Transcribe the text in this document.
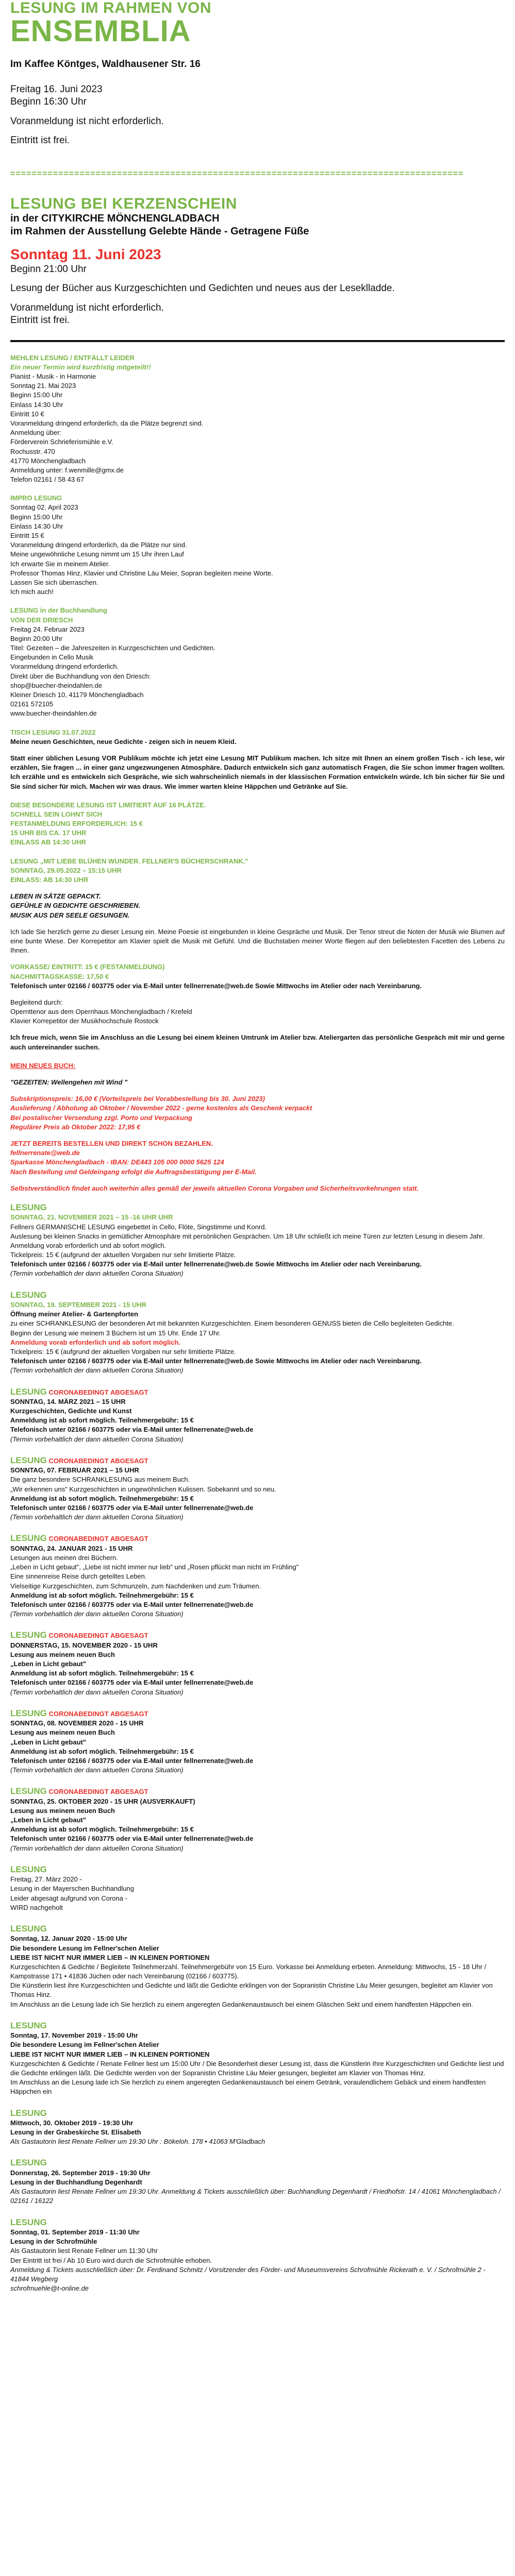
LESUNG IM RAHMEN VON

ENSEMBLIA

Im Kaffee Köntges, Waldhausener Str. 16

Freitag 16. Juni 2023

Beginn 16:30 Uhr

Voranmeldung ist nicht erforderlich.

Eintritt ist frei.

=====================================================================================

LESUNG BEI KERZENSCHEIN

in der CITYKIRCHE MÖNCHENGLADBACH

im Rahmen der Ausstellung Gelebte Hände - Getragene Füße

Sonntag 11. Juni 2023

Beginn 21:00 Uhr

Lesung der Bücher aus Kurzgeschichten und Gedichten und neues aus der Leseklladde.

Voranmeldung ist nicht erforderlich.

Eintritt ist frei.

MEHLEN LESUNG / ENTFÄLLT LEIDER

Ein neuer Termin wird kurzfristig mitgeteilt!!

Pianist - Musik - in Harmonie

Sonntag 21. Mai 2023

Beginn 15:00 Uhr

Einlass 14:30 Uhr

Eintritt 10 €

Voranmeldung dringend erforderlich, da die Plätze begrenzt sind.

Anmeldung über:

Förderverein Schrieferismühle e.V.

Rochusstr. 470

41770 Mönchengladbach

Anmeldung unter: f.wenmille@gmx.de

Telefon 02161 / 58 43 67

IMPRO LESUNG

Sonntag 02. April 2023

Beginn 15:00 Uhr

Einlass 14:30 Uhr

Eintritt 15 €

Voranmeldung dringend erforderlich, da die Plätze nur sind.

Meine ungewöhnliche Lesung nimmt um 15 Uhr ihren Lauf

Ich erwarte Sie in meinem Atelier.

Professor Thomas Hinz, Klavier und Christine Läu Meier, Sopran begleiten meine Worte.

Lassen Sie sich überraschen.

Ich mich auch!

LESUNG in der Buchhandlung

VON DER DRIESCH

Freitag 24. Februar 2023

Beginn 20:00 Uhr

Titel: Gezeiten – die Jahreszeiten in Kurzgeschichten und Gedichten.

Eingebunden in Cello Musik

Voranmeldung dringend erforderlich.

Direkt über die Buchhandlung von den Driesch:

shop@buecher-theindahlen.de

Kleiner Driesch 10, 41179 Mönchengladbach

02161 572105

www.buecher-theindahlen.de

TISCH LESUNG 31.07.2022

Meine neuen Geschichten, neue Gedichte - zeigen sich in neuem Kleid.

Statt einer üblichen Lesung VOR Publikum möchte ich jetzt eine Lesung MIT Publikum machen. Ich sitze mit Ihnen an einem großen Tisch - ich lese, wir erzählen, Sie fragen ... in einer ganz ungezwungenen Atmosphäre. Dadurch entwickeln sich ganz automatisch Fragen, die Sie schon immer fragen wollten. Ich erzähle und es entwickeln sich Gespräche, wie sich wahrscheinlich niemals in der klassischen Formation entwickeln würde. Ich bin sicher für Sie und Sie sind sicher für mich. Machen wir was draus. Wie immer warten kleine Häppchen und Getränke auf Sie.

DIESE BESONDERE LESUNG IST LIMITIERT AUF 16 PLÄTZE.

SCHNELL SEIN LOHNT SICH

FESTANMELDUNG ERFORDERLICH: 15 €

15 UHR BIS CA. 17 UHR

EINLASS AB 14:30 UHR

LESUNG „MIT LIEBE BLÜHEN WUNDER. FELLNER'S BÜCHERSCHRANK."

SONNTAG, 29.05.2022 – 15:15 UHR

EINLASS: AB 14:30 UHR

LEBEN IN SÄTZE GEPACKT.

GEFÜHLE IN GEDICHTE GESCHRIEBEN.

MUSIK AUS DER SEELE GESUNGEN.

Ich lade Sie herzlich gerne zu dieser Lesung ein. Meine Poesie ist eingebunden in kleine Gespräche und Musik. Der Tenor streut die Noten der Musik wie Blumen auf eine bunte Wiese. Der Korrepetitor am Klavier spielt die Musik mit Gefühl. Und die Buchstaben meiner Worte fliegen auf den beliebtesten Facetten des Lebens zu Ihnen.

VORKASSE/ EINTRITT: 15 € (FESTANMELDUNG)

NACHMITTAGSKASSE: 17,50 €

Telefonisch unter 02166 / 603775 oder via E-Mail unter fellnerrenate@web.de Sowie Mittwochs im Atelier oder nach Vereinbarung.

Begleitend durch:

Opernttenor aus dem Opernhaus Mönchengladbach / Krefeld

Klavier Korrepetitor der Musikhochschule Rostock

Ich freue mich, wenn Sie im Anschluss an die Lesung bei einem kleinen Umtrunk im Atelier bzw. Ateliergarten das persönliche Gespräch mit mir und gerne auch untereinander suchen.

MEIN NEUES BUCH:

"GEZEITEN: Wellengehen mit Wind "

Subskriptionspreis: 16,00 € (Vorteilspreis bei Vorabbestellung bis 30. Juni 2023)

Auslieferung / Abholung ab Oktober / November 2022 - gerne kostenlos als Geschenk verpackt

Bei postalischer Versendung zzgl. Porto und Verpackung

Regulärer Preis ab Oktober 2022: 17,95 €

JETZT BEREITS BESTELLEN UND DIREKT SCHON BEZAHLEN.

fellnerrenate@web.de

Sparkasse Mönchengladbach - IBAN: DE443 105 000 0000 5625 124

Nach Bestellung und Geldeingang erfolgt die Auftragsbestätigung per E-Mail.

Selbstverständlich findet auch weiterhin alles gemäß der jeweils aktuellen Corona Vorgaben und Sicherheitsvorkehrungen statt.

LESUNG

SONNTAG, 21. NOVEMBER 2021 – 15 -16 UHR UHR

Fellners GERMANISCHE LESUNG eingebettet in Cello, Flöte, Singstimme und Konrd.

Auslesung bei kleinen Snacks in gemütlicher Atmosphäre mit persönlichen Gesprächen. Um 18 Uhr schließt ich meine Türen zur letzten Lesung in diesem Jahr. Anmeldung vorab erforderlich und ab sofort möglich.

Tickelpreis: 15 € (aufgrund der aktuellen Vorgaben nur sehr limitierte Plätze.

Telefonisch unter 02166 / 603775 oder via E-Mail unter fellnerrenate@web.de Sowie Mittwochs im Atelier oder nach Vereinbarung.

(Termin vorbehaltlich der dann aktuellen Corona Situation)

LESUNG

SONNTAG, 19. SEPTEMBER 2021 - 15 UHR

Öffnung meiner Atelier- & Gartenpforten

zu einer SCHRANKLESUNG der besonderen Art mit bekannten Kurzgeschichten. Einem besonderen GENUSS bieten die Cello begleiteten Gedichte.

Beginn der Lesung wie meinem 3 Büchern ist um 15 Uhr. Ende 17 Uhr.

Anmeldung vorab erforderlich und ab sofort möglich.

Tickelpreis: 15 € (aufgrund der aktuellen Vorgaben nur sehr limitierte Plätze.

Telefonisch unter 02166 / 603775 oder via E-Mail unter fellnerrenate@web.de Sowie Mittwochs im Atelier oder nach Vereinbarung.

(Termin vorbehaltlich der dann aktuellen Corona Situation)

LESUNG CORONABEDINGT ABGESAGT

SONNTAG, 14. MÄRZ 2021 – 15 UHR

Kurzgeschichten, Gedichte und Kunst

Anmeldung ist ab sofort möglich. Teilnehmergebühr: 15 €

Telefonisch unter 02166 / 603775 oder via E-Mail unter fellnerrenate@web.de

(Termin vorbehaltlich der dann aktuellen Corona Situation)

LESUNG CORONABEDINGT ABGESAGT

SONNTAG, 07. FEBRUAR 2021 – 15 UHR

Die ganz besondere SCHRANKLESUNG aus meinem Buch.

„Wir erkennen uns" Kurzgeschichten in ungewöhnlichen Kulissen. Sobekannt und so neu.

Anmeldung ist ab sofort möglich. Teilnehmergebühr: 15 €

Telefonisch unter 02166 / 603775 oder via E-Mail unter fellnerrenate@web.de

(Termin vorbehaltlich der dann aktuellen Corona Situation)

LESUNG CORONABEDINGT ABGESAGT

SONNTAG, 24. JANUAR 2021 - 15 UHR

Lesungen aus meinen drei Büchern.

„Leben in Licht gebaut", „Liebe ist nicht immer nur lieb" und „Rosen pflückt man nicht im Frühling"

Eine sinnenreise Reise durch geteiltes Leben.

Vielseitige Kurzgeschichten, zum Schmunzeln, zum Nachdenken und zum Träumen.

Anmeldung ist ab sofort möglich. Teilnehmergebühr: 15 €

Telefonisch unter 02166 / 603775 oder via E-Mail unter fellnerrenate@web.de

(Termin vorbehaltlich der dann aktuellen Corona Situation)

LESUNG CORONABEDINGT ABGESAGT

DONNERSTAG, 15. NOVEMBER 2020 - 15 UHR

Lesung aus meinem neuen Buch

„Leben in Licht gebaut"

Anmeldung ist ab sofort möglich. Teilnehmergebühr: 15 €

Telefonisch unter 02166 / 603775 oder via E-Mail unter fellnerrenate@web.de

(Termin vorbehaltlich der dann aktuellen Corona Situation)

LESUNG CORONABEDINGT ABGESAGT

SONNTAG, 08. NOVEMBER 2020 - 15 UHR

Lesung aus meinem neuen Buch

„Leben in Licht gebaut"

Anmeldung ist ab sofort möglich. Teilnehmergebühr: 15 €

Telefonisch unter 02166 / 603775 oder via E-Mail unter fellnerrenate@web.de

(Termin vorbehaltlich der dann aktuellen Corona Situation)

LESUNG CORONABEDINGT ABGESAGT

SONNTAG, 25. OKTOBER 2020 - 15 UHR (AUSVERKAUFT)

Lesung aus meinem neuen Buch

„Leben in Licht gebaut"

Anmeldung ist ab sofort möglich. Teilnehmergebühr: 15 €

Telefonisch unter 02166 / 603775 oder via E-Mail unter fellnerrenate@web.de

(Termin vorbehaltlich der dann aktuellen Corona Situation)

LESUNG

Freitag, 27. März 2020 -

Lesung in der Mayerschen Buchhandlung

Leider abgesagt aufgrund von Corona -

WIRD nachgeholt

LESUNG

Sonntag, 12. Januar 2020 - 15:00 Uhr

Die besondere Lesung im Fellner'schen Atelier

LIEBE IST NICHT NUR IMMER LIEB – IN KLEINEN PORTIONEN

Kurzgeschichten & Gedichte / Begleitete Teilnehmerzahl. Teilnehmergebühr von 15 Euro. Vorkasse bei Anmeldung erbeten. Anmeldung: Mittwochs, 15 - 18 Uhr / Kampstrasse 171 • 41836 Jüchen oder nach Vereinbarung (02166 / 603775).

Die Künstlerin liest ihre Kurzgeschichten und Gedichte und läßt die Gedichte erklingen von der Sopranistin Christine Läu Meier gesungen, begleitet am Klavier von Thomas Hinz.

Im Anschluss an die Lesung lade ich Sie herzlich zu einem angeregten Gedankenaustausch bei einem Gläschen Sekt und einem handfesten Häppchen ein.

LESUNG

Sonntag, 17. November 2019 - 15:00 Uhr

Die besondere Lesung im Fellner'schen Atelier

LIEBE IST NICHT NUR IMMER LIEB – IN KLEINEN PORTIONEN

Kurzgeschichten & Gedichte / Renate Fellner liest um 15:00 Uhr / Die Besonderheit dieser Lesung ist, dass die Künstlerin Ihre Kurzgeschichten und Gedichte liest und die Gedichte erklingen läßt. Die Gedichte werden von der Sopranistin Christine Läu Meier gesungen, begleitet am Klavier von Thomas Hinz.

Im Anschluss an die Lesung lade ich Sie herzlich zu einem angeregten Gedankenaustausch bei einem Getränk, voraulendlichem Gebäck und einem handfesten Häppchen ein

LESUNG

Mittwoch, 30. Oktober 2019 - 19:30 Uhr

Lesung in der Grabeskirche St. Elisabeth

Als Gastautorin liest Renate Fellner um 19:30 Uhr : Bökeloh. 178 • 41063 M'Gladbach

LESUNG

Donnerstag, 26. September 2019 - 19:30 Uhr

Lesung in der Buchhandlung Degenhardt

Als Gastautorin liest Renate Fellner um 19:30 Uhr. Anmeldung & Tickets ausschließlich über: Buchhandlung Degenhardt / Friedhofstr. 14 / 41061 Mönchengladbach / 02161 / 16122

LESUNG

Sonntag, 01. September 2019 - 11:30 Uhr

Lesung in der Schrofmühle

Als Gastautorin liest Renate Fellner um 11:30 Uhr

Der Eintritt ist frei / Ab 10 Euro wird durch die Schrofmühle erhoben.

Anmeldung & Tickets ausschließlich über: Dr. Ferdinand Schmitz / Vorsitzender des Förder- und Museumsvereins Schrofmühle Rickerath e. V. / Schrofmühle 2 - 41844 Wegberg

schrofmuehle@t-online.de
